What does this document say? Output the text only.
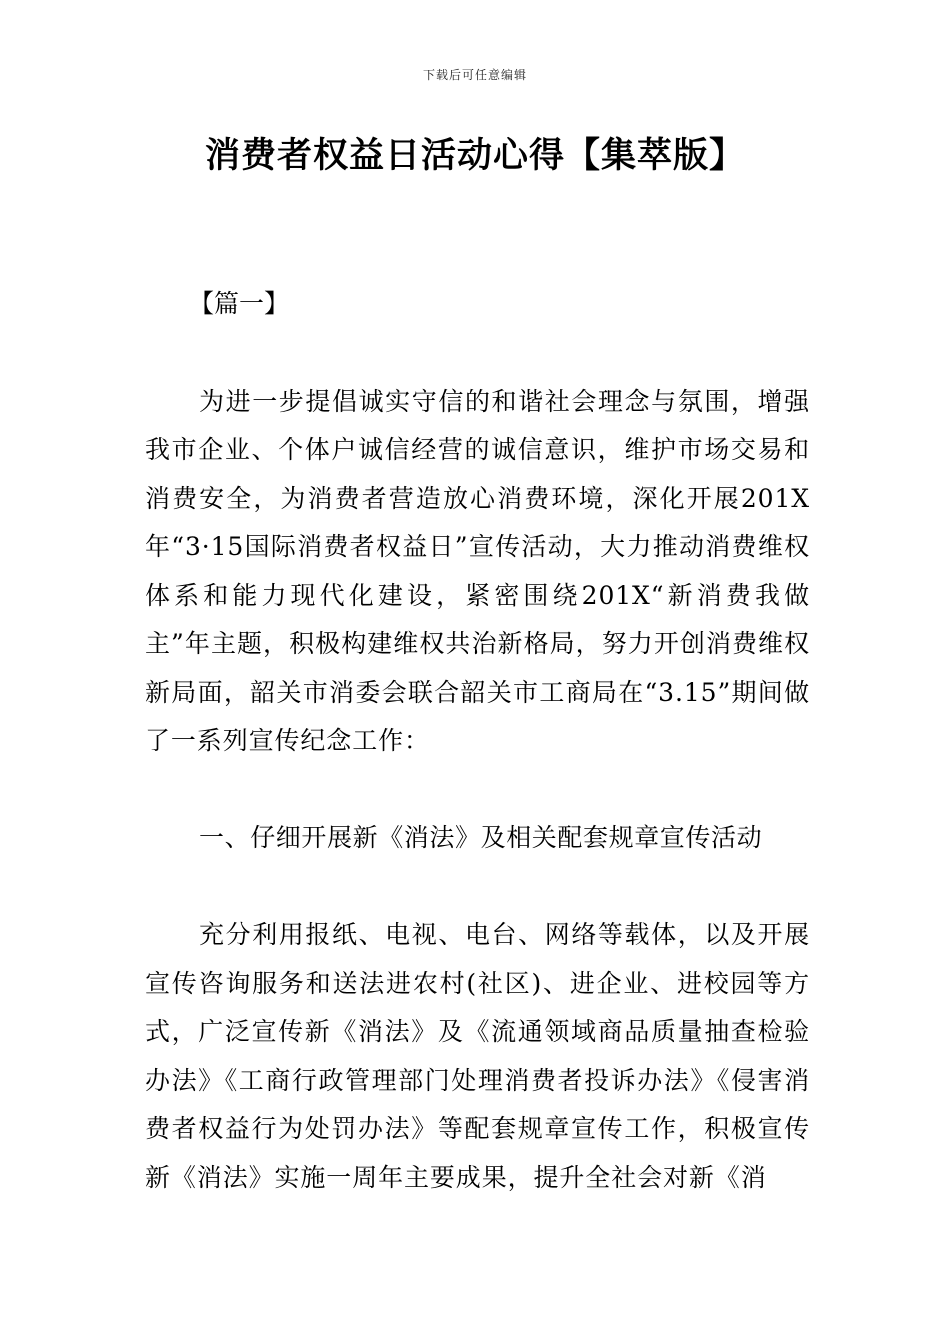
下载后可任意编辑
消费者权益日活动心得【集萃版】

【篇一】

为进一步提倡诚实守信的和谐社会理念与氛围，增强我市企业、个体户诚信经营的诚信意识，维护市场交易和消费安全，为消费者营造放心消费环境，深化开展201X年“3·15国际消费者权益日”宣传活动，大力推动消费维权体系和能力现代化建设，紧密围绕201X“新消费我做主”年主题，积极构建维权共治新格局，努力开创消费维权新局面，韶关市消委会联合韶关市工商局在“3.15”期间做了一系列宣传纪念工作：

一、仔细开展新《消法》及相关配套规章宣传活动

充分利用报纸、电视、电台、网络等载体，以及开展宣传咨询服务和送法进农村(社区)、进企业、进校园等方式，广泛宣传新《消法》及《流通领域商品质量抽查检验办法》《工商行政管理部门处理消费者投诉办法》《侵害消费者权益行为处罚办法》等配套规章宣传工作，积极宣传新《消法》实施一周年主要成果，提升全社会对新《消
